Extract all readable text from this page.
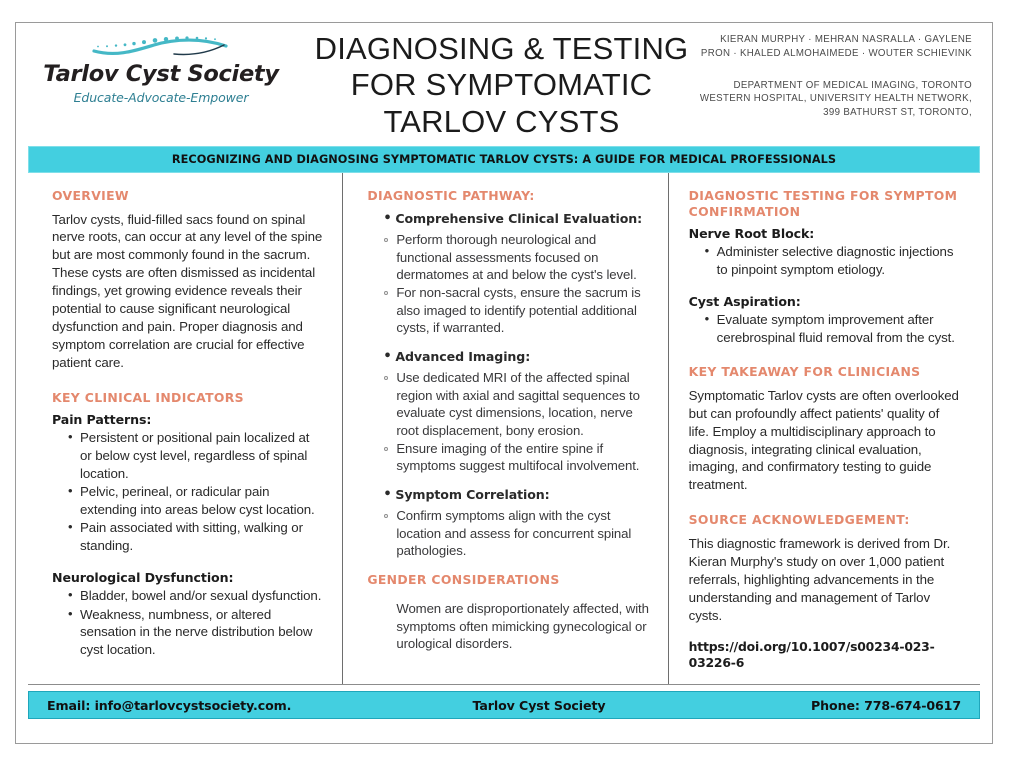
Tarlov Cyst Society
Educate-Advocate-Empower
DIAGNOSING & TESTING FOR SYMPTOMATIC TARLOV CYSTS

KIERAN MURPHY · MEHRAN NASRALLA · GAYLENE PRON · KHALED ALMOHAIMEDE · WOUTER SCHIEVINK

DEPARTMENT OF MEDICAL IMAGING, TORONTO WESTERN HOSPITAL, UNIVERSITY HEALTH NETWORK, 399 BATHURST ST, TORONTO,

RECOGNIZING AND DIAGNOSING SYMPTOMATIC TARLOV CYSTS: A GUIDE FOR MEDICAL PROFESSIONALS
OVERVIEW

Tarlov cysts, fluid-filled sacs found on spinal nerve roots, can occur at any level of the spine but are most commonly found in the sacrum. These cysts are often dismissed as incidental findings, yet growing evidence reveals their potential to cause significant neurological dysfunction and pain. Proper diagnosis and symptom correlation are crucial for effective patient care.

KEY CLINICAL INDICATORS

Pain Patterns:

• Persistent or positional pain localized at or below cyst level, regardless of spinal location.
• Pelvic, perineal, or radicular pain extending into areas below cyst location.
• Pain associated with sitting, walking or standing.

Neurological Dysfunction:

• Bladder, bowel and/or sexual dysfunction.
• Weakness, numbness, or altered sensation in the nerve distribution below cyst location.
DIAGNOSTIC PATHWAY:
• Comprehensive Clinical Evaluation:
Perform thorough neurological and functional assessments focused on dermatomes at and below the cyst's level.
For non-sacral cysts, ensure the sacrum is also imaged to identify potential additional cysts, if warranted.
• Advanced Imaging:
Use dedicated MRI of the affected spinal region with axial and sagittal sequences to evaluate cyst dimensions, location, nerve root displacement, bony erosion.
Ensure imaging of the entire spine if symptoms suggest multifocal involvement.
• Symptom Correlation:
Confirm symptoms align with the cyst location and assess for concurrent spinal pathologies.
GENDER CONSIDERATIONS

Women are disproportionately affected, with symptoms often mimicking gynecological or urological disorders.

DIAGNOSTIC TESTING FOR SYMPTOM CONFIRMATION

Nerve Root Block:

• Administer selective diagnostic injections to pinpoint symptom etiology.

Cyst Aspiration:

• Evaluate symptom improvement after cerebrospinal fluid removal from the cyst.
KEY TAKEAWAY FOR CLINICIANS

Symptomatic Tarlov cysts are often overlooked but can profoundly affect patients' quality of life. Employ a multidisciplinary approach to diagnosis, integrating clinical evaluation, imaging, and confirmatory testing to guide treatment.

SOURCE ACKNOWLEDGEMENT:

This diagnostic framework is derived from Dr. Kieran Murphy's study on over 1,000 patient referrals, highlighting advancements in the understanding and management of Tarlov cysts.

https://doi.org/10.1007/s00234-023-03226-6

Email: info@tarlovcystsociety.com.	Tarlov Cyst Society	Phone: 778-674-0617
